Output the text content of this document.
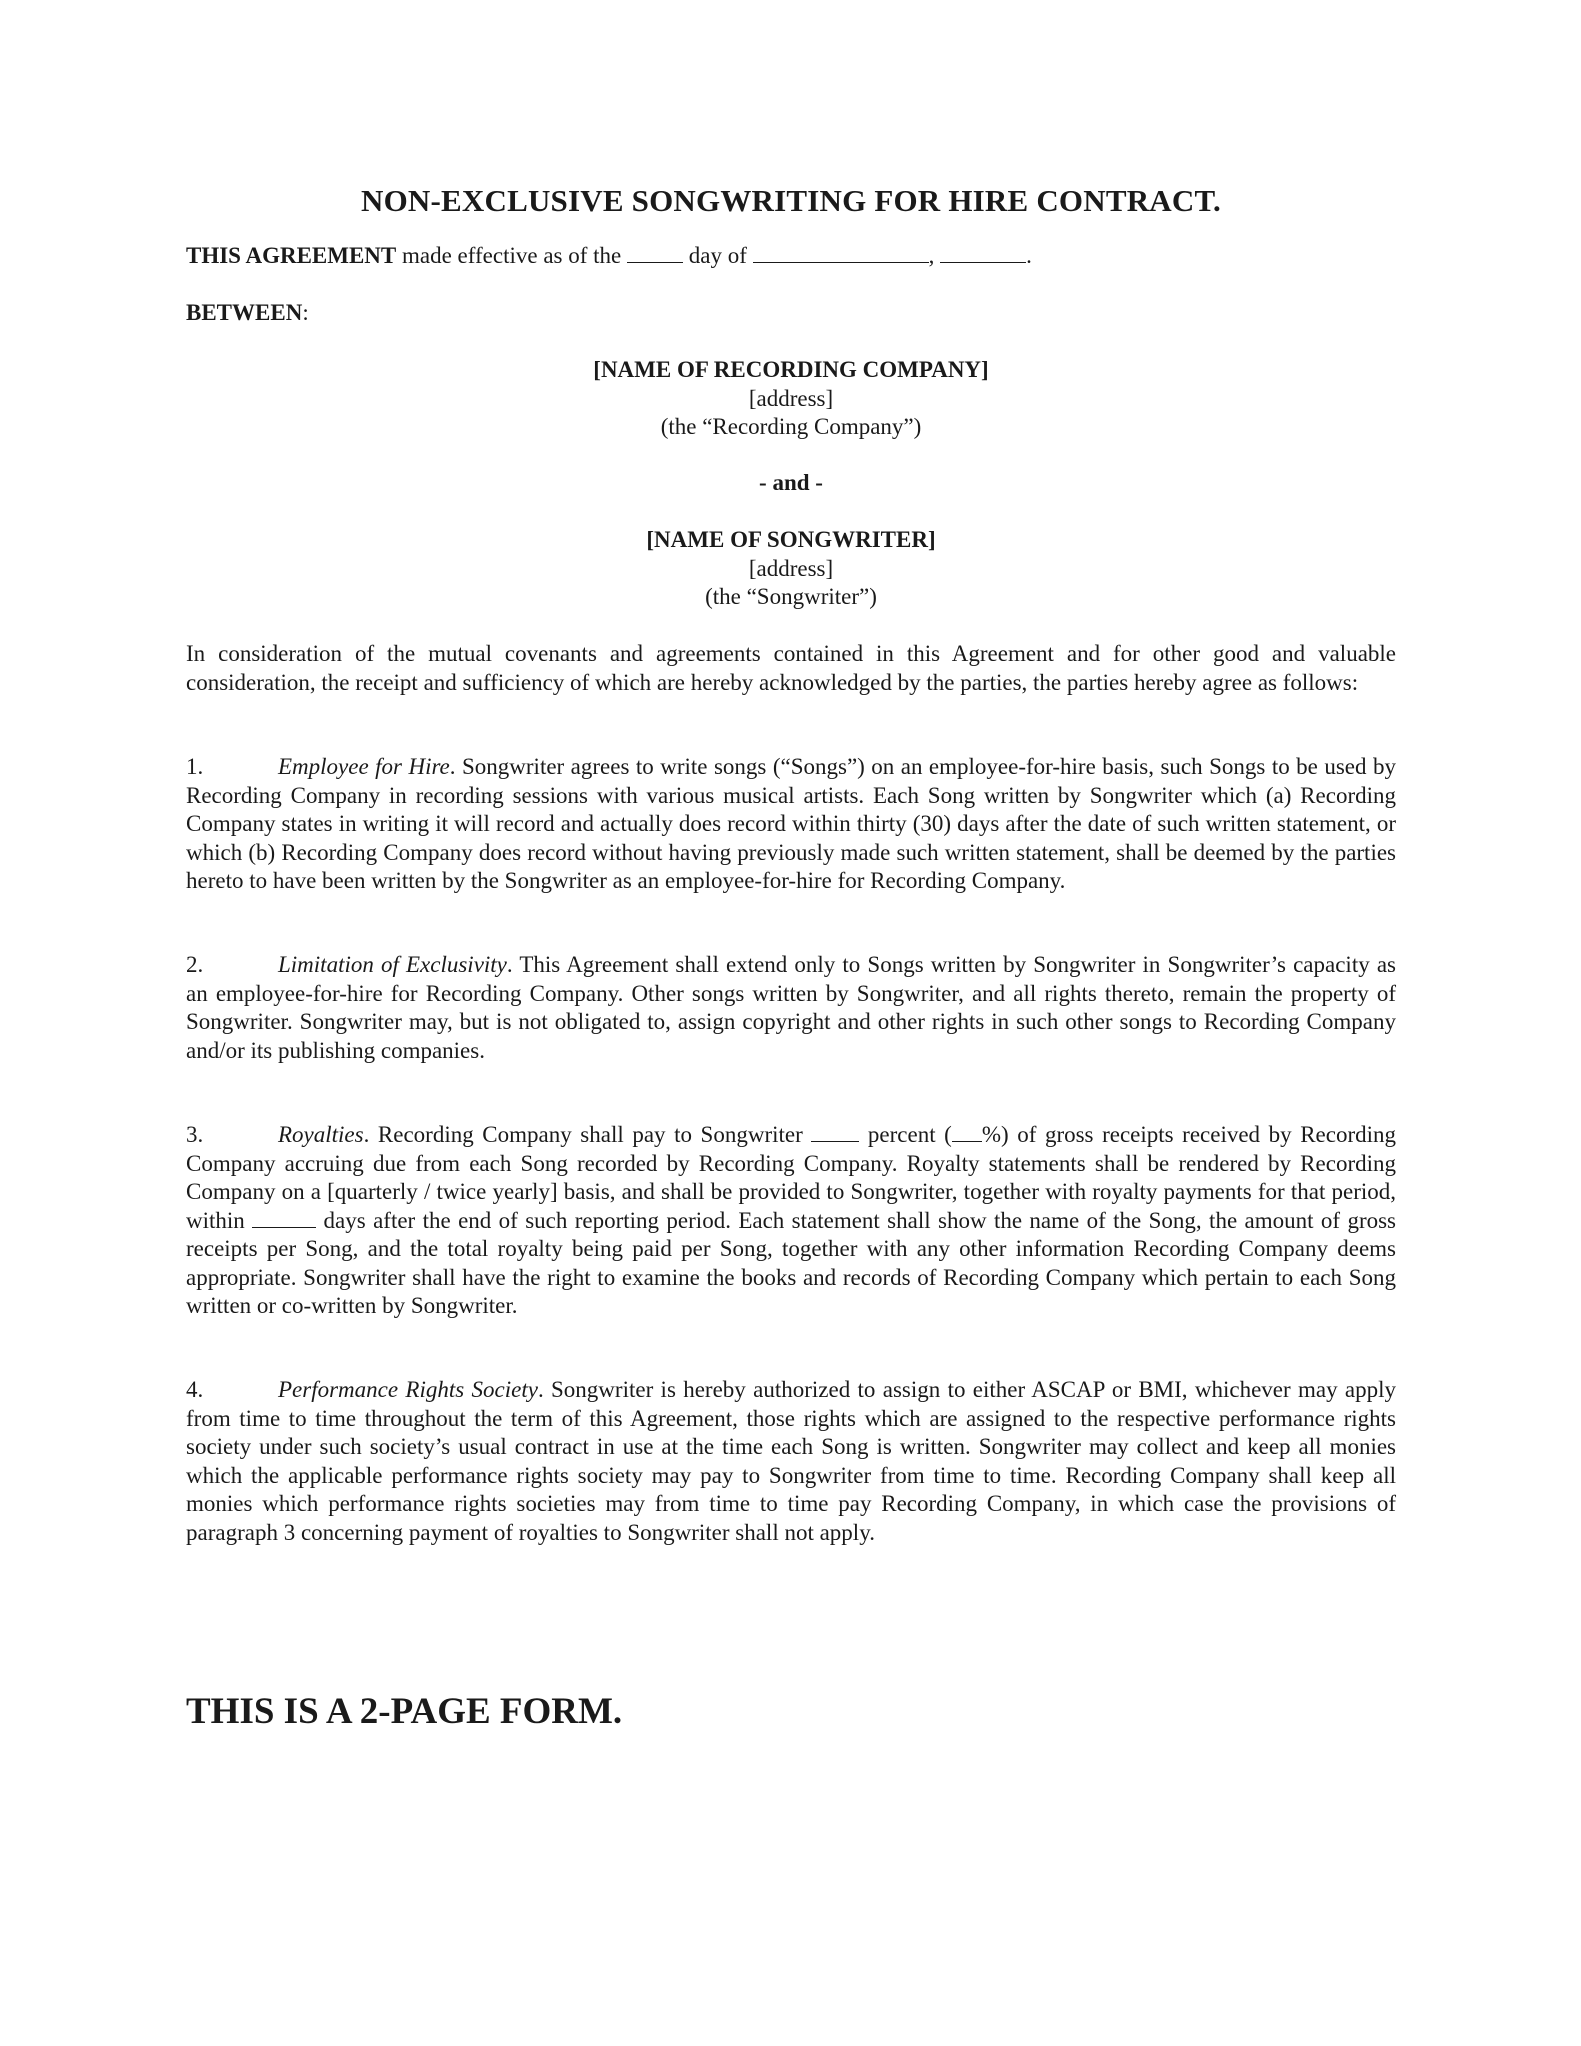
NON-EXCLUSIVE SONGWRITING FOR HIRE CONTRACT.
THIS AGREEMENT made effective as of the  day of	,	.
BETWEEN:
[NAME OF RECORDING COMPANY]
[address]
(the “Recording Company”)
- and -
[NAME OF SONGWRITER]
[address]
(the “Songwriter”)
In consideration of the mutual covenants and agreements contained in this Agreement and for other good and valuable consideration, the receipt and sufficiency of which are hereby acknowledged by the parties, the parties hereby agree as follows:
1.	Employee for Hire. Songwriter agrees to write songs (“Songs”) on an employee-for-hire basis, such Songs to be used by Recording Company in recording sessions with various musical artists. Each Song written by Songwriter which (a) Recording Company states in writing it will record and actually does record within thirty (30) days after the date of such written statement, or which (b) Recording Company does record without having previously made such written statement, shall be deemed by the parties hereto to have been written by the Songwriter as an employee-for-hire for Recording Company.
2.	Limitation of Exclusivity. This Agreement shall extend only to Songs written by Songwriter in Songwriter’s capacity as an employee-for-hire for Recording Company. Other songs written by Songwriter, and all rights thereto, remain the property of Songwriter. Songwriter may, but is not obligated to, assign copyright and other rights in such other songs to Recording Company and/or its publishing companies.
3.	Royalties. Recording Company shall pay to Songwriter  percent ( %) of gross receipts received by Recording Company accruing due from each Song recorded by Recording Company. Royalty statements shall be rendered by Recording Company on a [quarterly / twice yearly] basis, and shall be provided to Songwriter, together with royalty payments for that period, within	days after the end of such reporting period. Each statement shall show the name of the Song, the amount of gross receipts per Song, and the total royalty being paid per Song, together with any other information Recording Company deems appropriate. Songwriter shall have the right to examine the books and records of Recording Company which pertain to each Song written or co-written by Songwriter.
4.	Performance Rights Society. Songwriter is hereby authorized to assign to either ASCAP or BMI, whichever may apply from time to time throughout the term of this Agreement, those rights which are assigned to the respective performance rights society under such society’s usual contract in use at the time each Song is written. Songwriter may collect and keep all monies which the applicable performance rights society may pay to Songwriter from time to time. Recording Company shall keep all monies which performance rights societies may from time to time pay Recording Company, in which case the provisions of paragraph 3 concerning payment of royalties to Songwriter shall not apply.
THIS IS A 2-PAGE FORM.
